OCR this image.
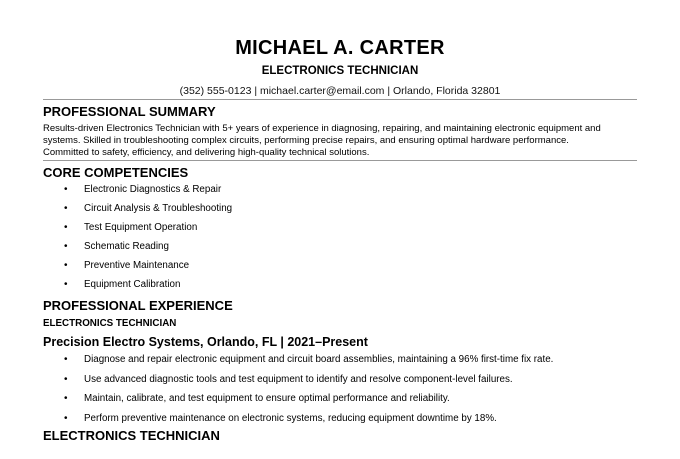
MICHAEL A. CARTER
ELECTRONICS TECHNICIAN
(352) 555-0123 | michael.carter@email.com | Orlando, Florida 32801
PROFESSIONAL SUMMARY
Results-driven Electronics Technician with 5+ years of experience in diagnosing, repairing, and maintaining electronic equipment and
systems. Skilled in troubleshooting complex circuits, performing precise repairs, and ensuring optimal hardware performance.
Committed to safety, efficiency, and delivering high-quality technical solutions.
CORE COMPETENCIES
• Electronic Diagnostics & Repair
• Circuit Analysis & Troubleshooting
• Test Equipment Operation
• Schematic Reading
• Preventive Maintenance
• Equipment Calibration
PROFESSIONAL EXPERIENCE
ELECTRONICS TECHNICIAN
Precision Electro Systems, Orlando, FL | 2021–Present
• Diagnose and repair electronic equipment and circuit board assemblies, maintaining a 96% first-time fix rate.
• Use advanced diagnostic tools and test equipment to identify and resolve component-level failures.
• Maintain, calibrate, and test equipment to ensure optimal performance and reliability.
• Perform preventive maintenance on electronic systems, reducing equipment downtime by 18%.
ELECTRONICS TECHNICIAN
